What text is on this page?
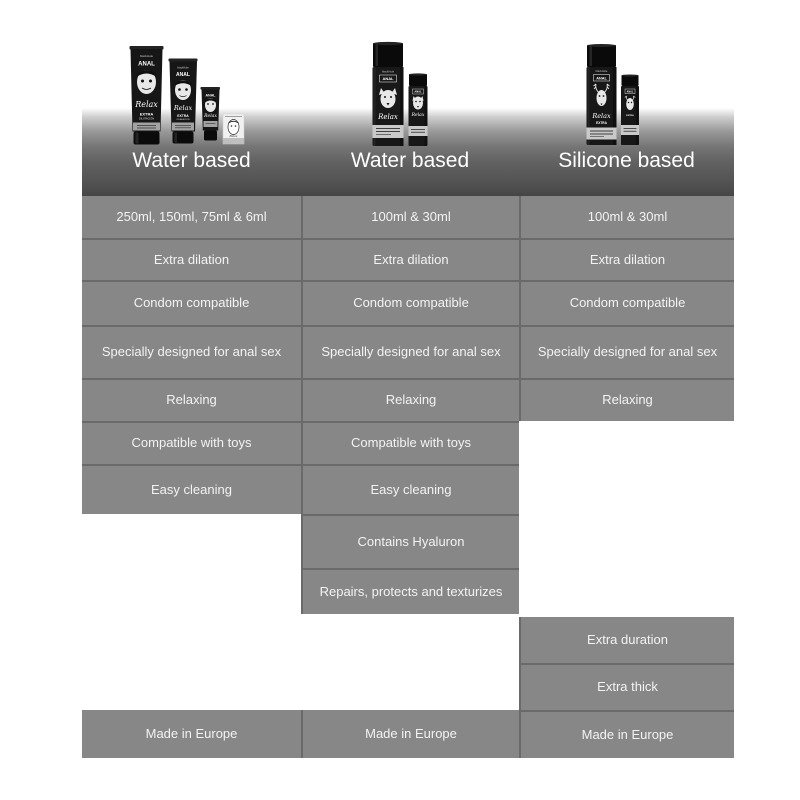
blackHole
ANAL
Relax
EXTRA
DILATACIÓN
blackHole
ANAL
Relax
EXTRA
DILATACIÓN
ANAL
Relax
Relax
blackHole
ANAL
Relax
ANAL
Relax
blackHole
ANAL
Relax
EXTRA
ANAL
EXTRA
Water based	Water based	Silicone based
250ml, 150ml, 75ml & 6ml
Extra dilation
Condom compatible
Specially designed for anal sex
Relaxing
Compatible with toys
Easy cleaning
Made in Europe
100ml & 30ml
Extra dilation
Condom compatible
Specially designed for anal sex
Relaxing
Compatible with toys
Easy cleaning
Contains Hyaluron
Repairs, protects and texturizes
Made in Europe
100ml & 30ml
Extra dilation
Condom compatible
Specially designed for anal sex
Relaxing
Extra duration
Extra thick
Made in Europe
